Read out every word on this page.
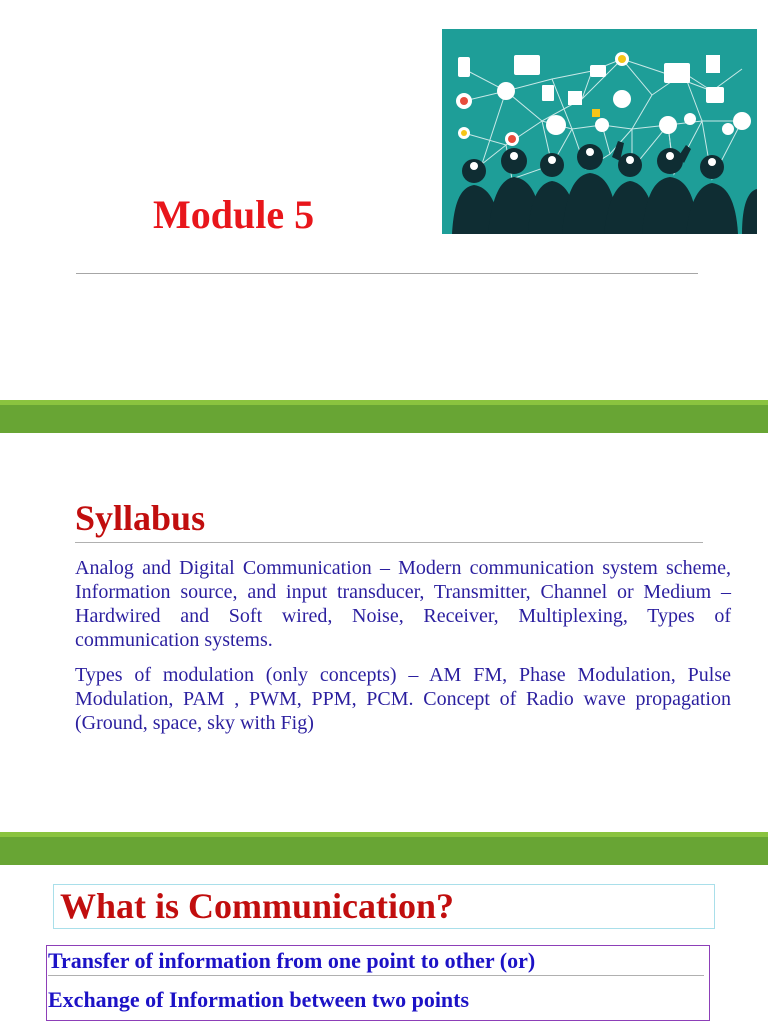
Module 5
Syllabus

Analog and Digital Communication – Modern communication system scheme, Information source, and input transducer, Transmitter, Channel or Medium – Hardwired and Soft wired, Noise, Receiver, Multiplexing, Types of communication systems.

Types of modulation (only concepts) – AM FM, Phase Modulation, Pulse Modulation, PAM , PWM, PPM, PCM. Concept of Radio wave propagation (Ground, space, sky with Fig)

What is Communication?
Transfer of information from one point to other (or)
Exchange of Information between two points
